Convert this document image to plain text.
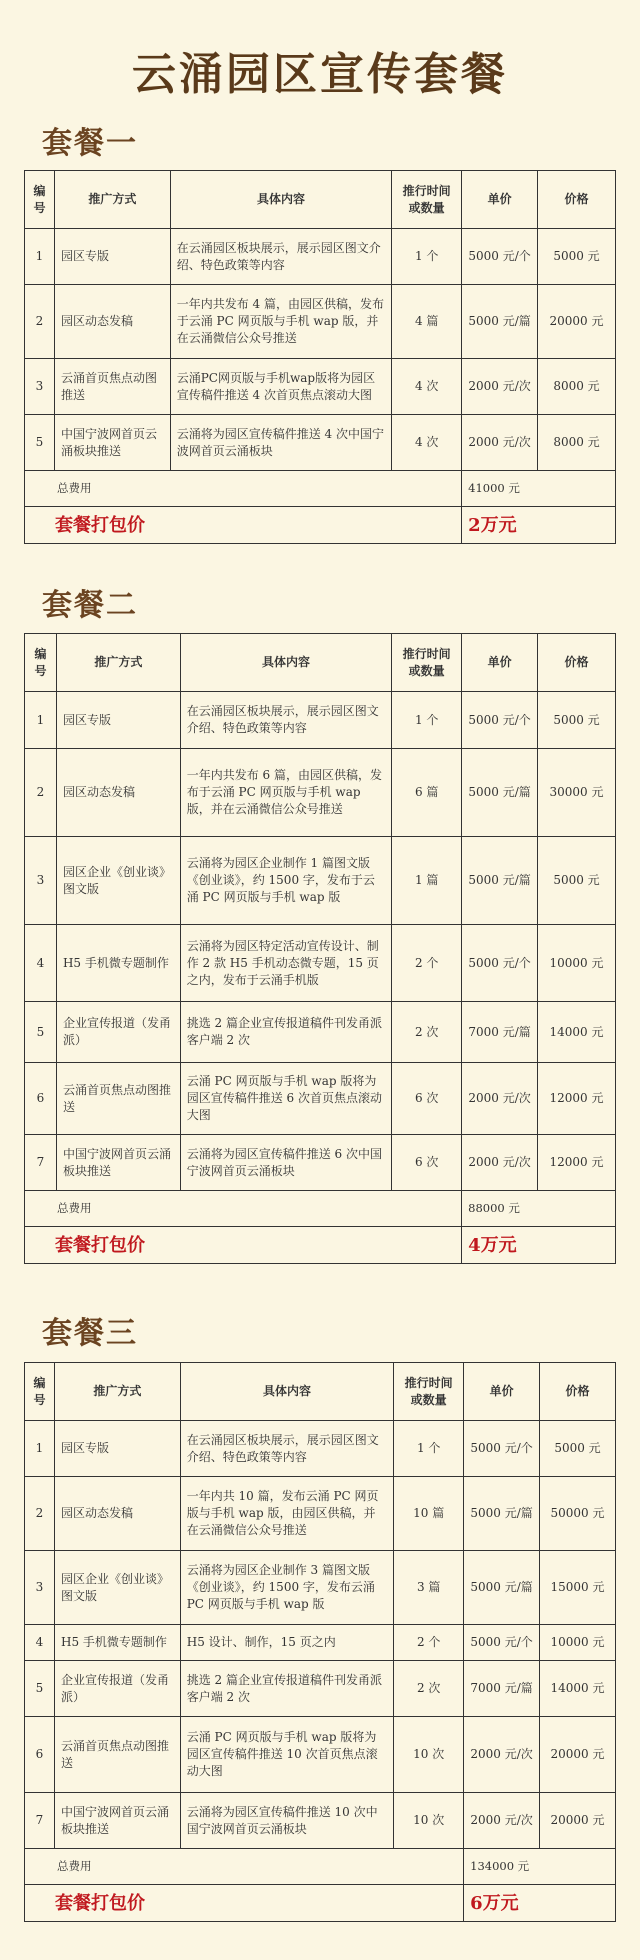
云涌园区宣传套餐
套餐一
编号	推广方式	具体内容	推行时间或数量	单价	价格
1	园区专版	在云涌园区板块展示，展示园区图文介绍、特色政策等内容	1 个	5000 元/个	5000 元
2	园区动态发稿	一年内共发布 4 篇，由园区供稿，发布于云涌 PC 网页版与手机 wap 版，并在云涌微信公众号推送	4 篇	5000 元/篇	20000 元
3	云涌首页焦点动图推送	云涌PC网页版与手机wap版将为园区宣传稿件推送 4 次首页焦点滚动大图	4 次	2000 元/次	8000 元
5	中国宁波网首页云涌板块推送	云涌将为园区宣传稿件推送 4 次中国宁波网首页云涌板块	4 次	2000 元/次	8000 元
总费用				41000 元	
套餐打包价				2万元	
套餐二
编号	推广方式	具体内容	推行时间或数量	单价	价格
1	园区专版	在云涌园区板块展示，展示园区图文介绍、特色政策等内容	1 个	5000 元/个	5000 元
2	园区动态发稿	一年内共发布 6 篇，由园区供稿，发布于云涌 PC 网页版与手机 wap 版，并在云涌微信公众号推送	6 篇	5000 元/篇	30000 元
3	园区企业《创业谈》图文版	云涌将为园区企业制作 1 篇图文版《创业谈》，约 1500 字，发布于云涌 PC 网页版与手机 wap 版	1 篇	5000 元/篇	5000 元
4	H5 手机微专题制作	云涌将为园区特定活动宣传设计、制作 2 款 H5 手机动态微专题，15 页之内，发布于云涌手机版	2 个	5000 元/个	10000 元
5	企业宣传报道（发甬派）	挑选 2 篇企业宣传报道稿件刊发甬派客户端 2 次	2 次	7000 元/篇	14000 元
6	云涌首页焦点动图推送	云涌 PC 网页版与手机 wap 版将为园区宣传稿件推送 6 次首页焦点滚动大图	6 次	2000 元/次	12000 元
7	中国宁波网首页云涌板块推送	云涌将为园区宣传稿件推送 6 次中国宁波网首页云涌板块	6 次	2000 元/次	12000 元
总费用				88000 元	
套餐打包价				4万元	
套餐三
编号	推广方式	具体内容	推行时间或数量	单价	价格
1	园区专版	在云涌园区板块展示，展示园区图文介绍、特色政策等内容	1 个	5000 元/个	5000 元
2	园区动态发稿	一年内共 10 篇，发布云涌 PC 网页版与手机 wap 版，由园区供稿，并在云涌微信公众号推送	10 篇	5000 元/篇	50000 元
3	园区企业《创业谈》图文版	云涌将为园区企业制作 3 篇图文版《创业谈》，约 1500 字，发布云涌 PC 网页版与手机 wap 版	3 篇	5000 元/篇	15000 元
4	H5 手机微专题制作	H5 设计、制作，15 页之内	2 个	5000 元/个	10000 元
5	企业宣传报道（发甬派）	挑选 2 篇企业宣传报道稿件刊发甬派客户端 2 次	2 次	7000 元/篇	14000 元
6	云涌首页焦点动图推送	云涌 PC 网页版与手机 wap 版将为园区宣传稿件推送 10 次首页焦点滚动大图	10 次	2000 元/次	20000 元
7	中国宁波网首页云涌板块推送	云涌将为园区宣传稿件推送 10 次中国宁波网首页云涌板块	10 次	2000 元/次	20000 元
总费用				134000 元	
套餐打包价				6万元	
